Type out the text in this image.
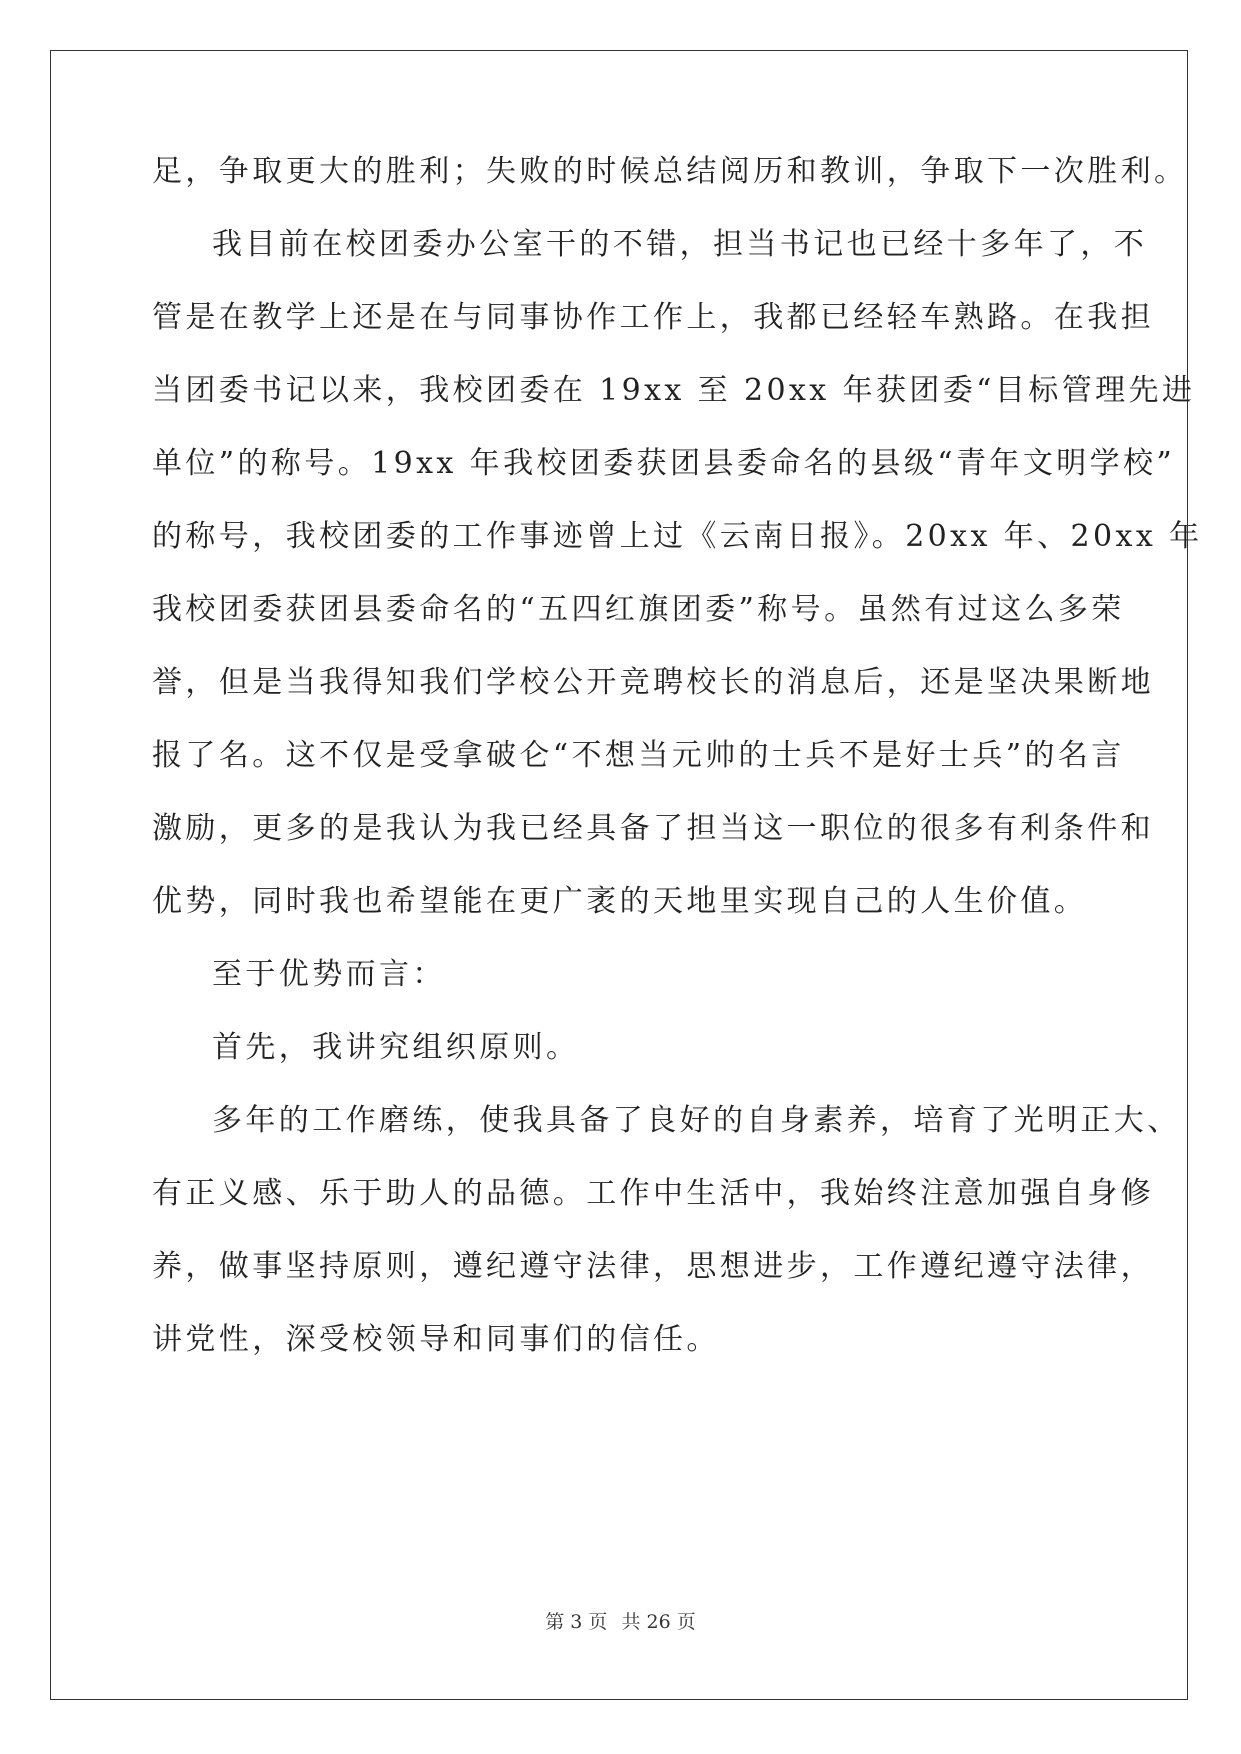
足，争取更大的胜利；失败的时候总结阅历和教训，争取下一次胜利。
我目前在校团委办公室干的不错，担当书记也已经十多年了，不
管是在教学上还是在与同事协作工作上，我都已经轻车熟路。在我担
当团委书记以来，我校团委在 19xx 至 20xx 年获团委“目标管理先进
单位”的称号。19xx 年我校团委获团县委命名的县级“青年文明学校”
的称号，我校团委的工作事迹曾上过《云南日报》。20xx 年、20xx 年
我校团委获团县委命名的“五四红旗团委”称号。虽然有过这么多荣
誉，但是当我得知我们学校公开竞聘校长的消息后，还是坚决果断地
报了名。这不仅是受拿破仑“不想当元帅的士兵不是好士兵”的名言
激励，更多的是我认为我已经具备了担当这一职位的很多有利条件和
优势，同时我也希望能在更广袤的天地里实现自己的人生价值。
至于优势而言：
首先，我讲究组织原则。
多年的工作磨练，使我具备了良好的自身素养，培育了光明正大、
有正义感、乐于助人的品德。工作中生活中，我始终注意加强自身修
养，做事坚持原则，遵纪遵守法律，思想进步，工作遵纪遵守法律，
讲党性，深受校领导和同事们的信任。
第 3 页 共 26 页
